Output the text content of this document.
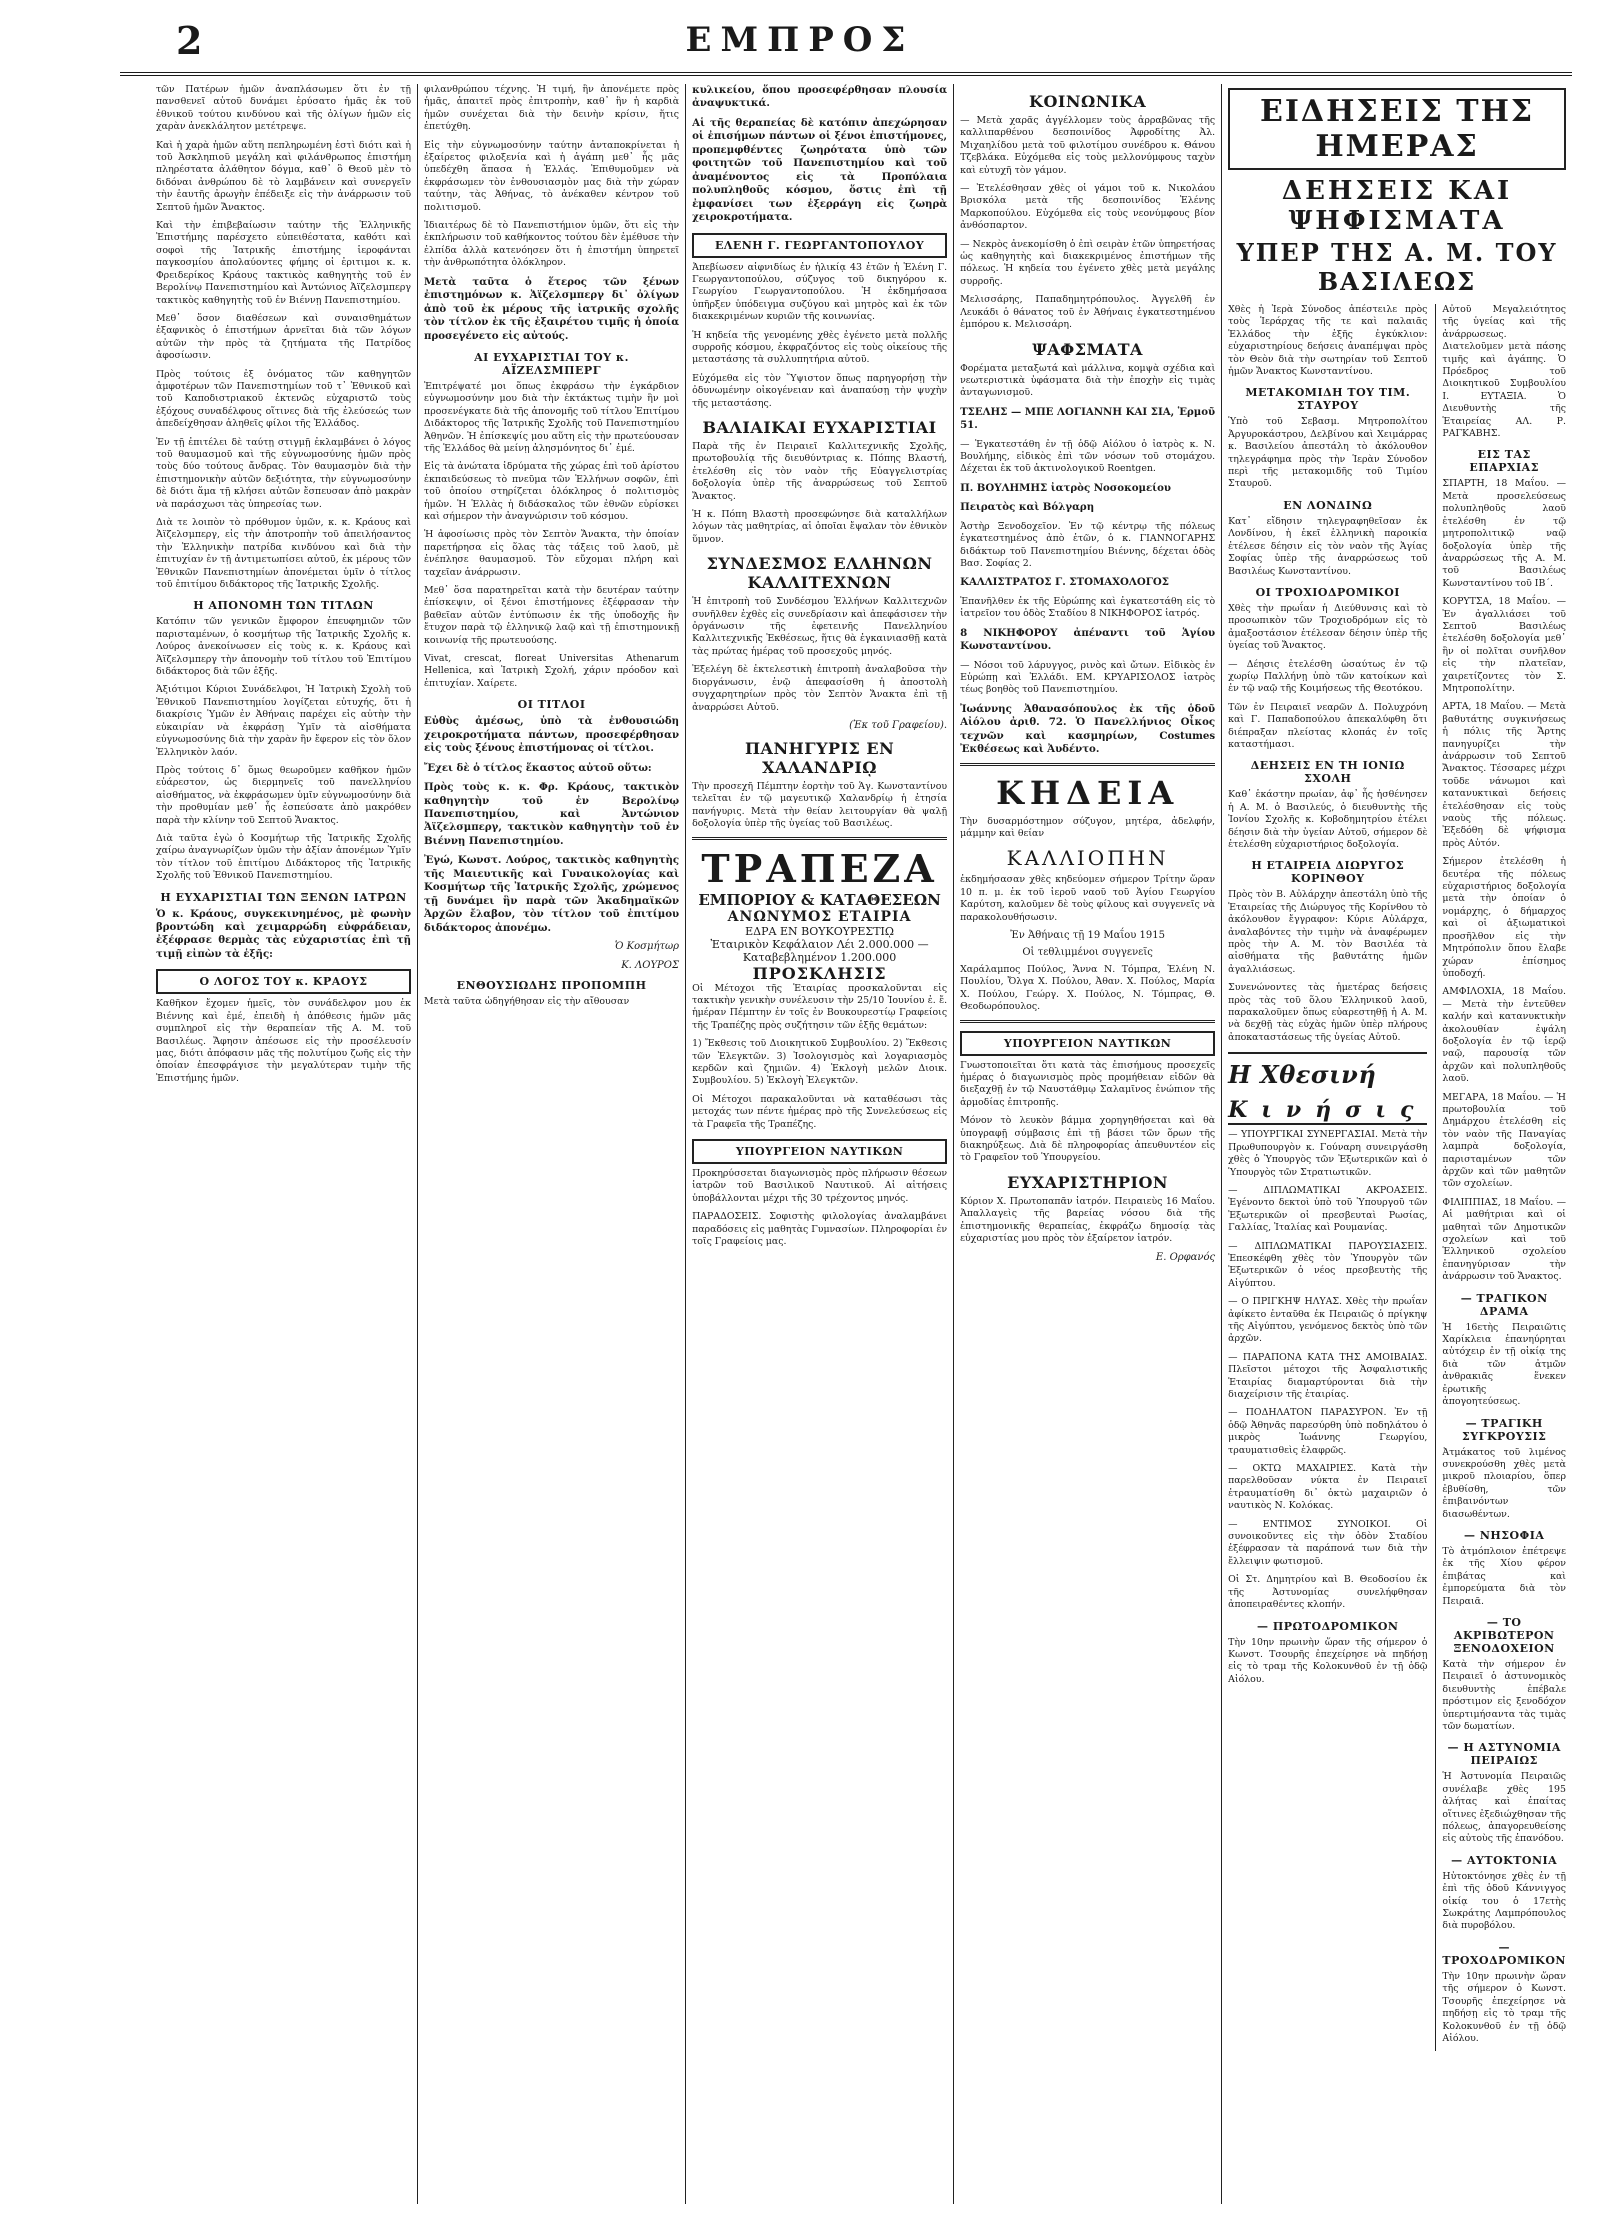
2	ΕΜΠΡΟΣ

τῶν Πατέρων ἡμῶν ἀναπλάσωμεν ὅτι ἐν τῇ πανσθενεῖ αὐτοῦ δυνάμει ἐρύσατο ἡμᾶς ἐκ τοῦ ἐθνικοῦ τούτου κινδύνου καὶ τῆς ὀλίγων ἡμῶν εἰς χαρὰν ἀνεκλάλητον μετέτρεψε.

Καὶ ἡ χαρὰ ἡμῶν αὕτη πεπληρωμένη ἐστὶ διότι καὶ ἡ τοῦ Ἀσκληπιοῦ μεγάλη καὶ φιλάνθρωπος ἐπιστήμη πληρέστατα ἀλάθητον δόγμα, καθ᾽ ὃ Θεοῦ μὲν τὸ διδόναι ἀνθρώπου δὲ τὸ λαμβάνειν καὶ συνεργεῖν τὴν ἑαυτῆς ἀρωγὴν ἐπέδειξε εἰς τὴν ἀνάρρωσιν τοῦ Σεπτοῦ ἡμῶν Ἄνακτος.

Καὶ τὴν ἐπιβεβαίωσιν ταύτην τῆς Ἑλληνικῆς Ἐπιστήμης παρέσχετο εὐπειθέστατα, καθότι καὶ σοφοὶ τῆς Ἰατρικῆς ἐπιστήμης ἱεροφάνται παγκοσμίου ἀπολαύοντες φήμης οἱ ἐριτιμοι κ. κ. Φρειδερίκος Κράους τακτικὸς καθηγητὴς τοῦ ἐν Βερολίνῳ Πανεπιστημίου καὶ Ἀντώνιος Ἀϊζελσμπεργ τακτικὸς καθηγητὴς τοῦ ἐν Βιέννῃ Πανεπιστημίου.

Μεθ᾽ ὅσον διαθέσεων καὶ συναισθημάτων ἐξαφνικὸς ὁ ἐπιστήμων ἀρνεῖται διὰ τῶν λόγων αὐτῶν τὴν πρὸς τὰ ζητήματα τῆς Πατρίδος ἀφοσίωσιν.

Πρὸς τούτοις ἐξ ὀνόματος τῶν καθηγητῶν ἀμφοτέρων τῶν Πανεπιστημίων τοῦ τ᾽ Ἐθνικοῦ καὶ τοῦ Καποδιστριακοῦ ἐκτενῶς εὐχαριστῶ τοὺς ἐξόχους συναδέλφους οἵτινες διὰ τῆς ἐλεύσεώς των ἀπεδείχθησαν ἀληθεῖς φίλοι τῆς Ἑλλάδος.

Ἐν τῇ ἐπιτέλει δὲ ταύτῃ στιγμῇ ἐκλαμβάνει ὁ λόγος τοῦ θαυμασμοῦ καὶ τῆς εὐγνωμοσύνης ἡμῶν πρὸς τοὺς δύο τούτους ἄνδρας. Τὸν θαυμασμὸν διὰ τὴν ἐπιστημονικὴν αὐτῶν δεξιότητα, τὴν εὐγνωμοσύνην δὲ διότι ἅμα τῇ κλήσει αὐτῶν ἔσπευσαν ἀπὸ μακρὰν νὰ παράσχωσι τὰς ὑπηρεσίας των.

Διὰ τε λοιπὸν τὸ πρόθυμον ὑμῶν, κ. κ. Κράους καὶ Ἀϊζελσμπεργ, εἰς τὴν ἀποτροπὴν τοῦ ἀπειλήσαντος τὴν Ἑλληνικὴν πατρίδα κινδύνου καὶ διὰ τὴν ἐπιτυχίαν ἐν τῇ ἀντιμετωπίσει αὐτοῦ, ἐκ μέρους τῶν Ἐθνικῶν Πανεπιστημίων ἀπονέμεται ὑμῖν ὁ τίτλος τοῦ ἐπιτίμου διδάκτορος τῆς Ἰατρικῆς Σχολῆς.

Η ΑΠΟΝΟΜΗ ΤΩΝ ΤΙΤΛΩΝ

Κατόπιν τῶν γενικῶν ἔμφορον ἐπευφημιῶν τῶν παρισταμένων, ὁ κοσμήτωρ τῆς Ἰατρικῆς Σχολῆς κ. Λούρος ἀνεκοίνωσεν εἰς τοὺς κ. κ. Κράους καὶ Ἀϊζελσμπεργ τὴν ἀπονομὴν τοῦ τίτλου τοῦ Ἐπιτίμου διδάκτορος διὰ τῶν ἑξῆς.

Ἀξιότιμοι Κύριοι Συνάδελφοι, Ἡ Ἰατρικὴ Σχολὴ τοῦ Ἐθνικοῦ Πανεπιστημίου λογίζεται εὐτυχής, ὅτι ἡ διακρίσις Ὑμῶν ἐν Ἀθήναις παρέχει εἰς αὐτὴν τὴν εὐκαιρίαν νὰ ἐκφράσῃ Ὑμῖν τὰ αἰσθήματα εὐγνωμοσύνης διὰ τὴν χαρὰν ἣν ἔφερον εἰς τὸν ὅλον Ἑλληνικὸν λαόν.

Πρὸς τούτοις δ᾽ ὅμως θεωροῦμεν καθῆκον ἡμῶν εὐάρεστον, ὡς διερμηνεῖς τοῦ πανελληνίου αἰσθήματος, νὰ ἐκφράσωμεν ὑμῖν εὐγνωμοσύνην διὰ τὴν προθυμίαν μεθ᾽ ἧς ἐσπεύσατε ἀπὸ μακρόθεν παρὰ τὴν κλίνην τοῦ Σεπτοῦ Ἄνακτος.

Διὰ ταῦτα ἐγὼ ὁ Κοσμήτωρ τῆς Ἰατρικῆς Σχολῆς χαίρω ἀναγνωρίζων ὑμῶν τὴν ἀξίαν ἀπονέμων Ὑμῖν τὸν τίτλον τοῦ ἐπιτίμου Διδάκτορος τῆς Ἰατρικῆς Σχολῆς τοῦ Ἐθνικοῦ Πανεπιστημίου.

Η ΕΥΧΑΡΙΣΤΙΑΙ ΤΩΝ ΞΕΝΩΝ ΙΑΤΡΩΝ

Ὁ κ. Κράους, συγκεκινημένος, μὲ φωνὴν βροντώδη καὶ χειμαρρώδη εὐφράδειαν, ἐξέφρασε θερμὰς τὰς εὐχαριστίας ἐπὶ τῇ τιμῇ εἰπὼν τὰ ἑξῆς:

Ο ΛΟΓΟΣ ΤΟΥ κ. ΚΡΑΟΥΣ

Καθῆκον ἔχομεν ἡμεῖς, τὸν συνάδελφον μου ἐκ Βιέννης καὶ ἐμέ, ἐπειδὴ ἡ ἀπόθεσις ἡμῶν μᾶς συμπληροῖ εἰς τὴν θεραπείαν τῆς Α. Μ. τοῦ Βασιλέως. Ἄφησιν ἀπέσωσε εἰς τὴν προσέλευσίν μας, διότι ἀπόφασιν μᾶς τῆς πολυτίμου ζωῆς εἰς τὴν ὁποίαν ἐπεσφράγισε τὴν μεγαλύτεραν τιμὴν τῆς Ἐπιστήμης ἡμῶν.

φιλανθρώπου τέχνης. Ἡ τιμή, ἣν ἀπονέμετε πρὸς ἡμᾶς, ἀπαιτεῖ πρὸς ἐπιτροπὴν, καθ᾽ ἣν ἡ καρδιὰ ἡμῶν συνέχεται διὰ τὴν δεινὴν κρίσιν, ἥτις ἐπετύχθη.

Εἰς τὴν εὐγνωμοσύνην ταύτην ἀνταποκρίνεται ἡ ἐξαίρετος φιλοξενία καὶ ἡ ἀγάπη μεθ᾽ ἧς μᾶς ὑπεδέχθη ἅπασα ἡ Ἑλλάς. Ἐπιθυμοῦμεν νὰ ἐκφράσωμεν τὸν ἐνθουσιασμὸν μας διὰ τὴν χώραν ταύτην, τὰς Ἀθήνας, τὸ ἀνέκαθεν κέντρον τοῦ πολιτισμοῦ.

Ἰδιαιτέρως δὲ τὸ Πανεπιστήμιον ὑμῶν, ὅτι εἰς τὴν ἐκπλήρωσιν τοῦ καθήκοντος τούτου δὲν ἐμέθυσε τὴν ἐλπίδα ἀλλὰ κατενόησεν ὅτι ἡ ἐπιστήμη ὑπηρετεῖ τὴν ἀνθρωπότητα ὁλόκληρον.

Μετὰ ταῦτα ὁ ἕτερος τῶν ξένων ἐπιστημόνων κ. Ἀϊζελσμπεργ δι᾽ ὀλίγων ἀπὸ τοῦ ἐκ μέρους τῆς ἰατρικῆς σχολῆς τὸν τίτλον ἐκ τῆς ἐξαιρέτου τιμῆς ἡ ὁποία προσεγένετο εἰς αὐτούς.

ΑΙ ΕΥΧΑΡΙΣΤΙΑΙ ΤΟΥ κ. ΑΪΖΕΛΣΜΠΕΡΓ

Ἐπιτρέψατέ μοι ὅπως ἐκφράσω τὴν ἐγκάρδιον εὐγνωμοσύνην μου διὰ τὴν ἐκτάκτως τιμὴν ἣν μοὶ προσενέγκατε διὰ τῆς ἀπονομῆς τοῦ τίτλου Ἐπιτίμου Διδάκτορος τῆς Ἰατρικῆς Σχολῆς τοῦ Πανεπιστημίου Ἀθηνῶν. Ἡ ἐπίσκεψίς μου αὕτη εἰς τὴν πρωτεύουσαν τῆς Ἑλλάδος θὰ μείνῃ ἀλησμόνητος δι᾽ ἐμέ.

Εἰς τὰ ἀνώτατα ἰδρύματα τῆς χώρας ἐπὶ τοῦ ἀρίστου ἐκπαιδεύσεως τὸ πνεῦμα τῶν Ἑλλήνων σοφῶν, ἐπὶ τοῦ ὁποίου στηρίζεται ὁλόκληρος ὁ πολιτισμὸς ἡμῶν. Ἡ Ἑλλὰς ἡ διδάσκαλος τῶν ἐθνῶν εὑρίσκει καὶ σήμερον τὴν ἀναγνώρισιν τοῦ κόσμου.

Ἡ ἀφοσίωσις πρὸς τὸν Σεπτὸν Ἄνακτα, τὴν ὁποίαν παρετήρησα εἰς ὅλας τὰς τάξεις τοῦ λαοῦ, μὲ ἐνέπλησε θαυμασμοῦ. Τὸν εὔχομαι πλήρη καὶ ταχεῖαν ἀνάρρωσιν.

Μεθ᾽ ὅσα παρατηρεῖται κατὰ τὴν δευτέραν ταύτην ἐπίσκεψιν, οἱ ξένοι ἐπιστήμονες ἐξέφρασαν τὴν βαθεῖαν αὐτῶν ἐντύπωσιν ἐκ τῆς ὑποδοχῆς ἣν ἔτυχον παρὰ τῷ ἑλληνικῷ λαῷ καὶ τῇ ἐπιστημονικῇ κοινωνίᾳ τῆς πρωτευούσης.

Vivat, crescat, floreat Universitas Athenarum Hellenica, καὶ Ἰατρικὴ Σχολή, χάριν πρόοδον καὶ ἐπιτυχίαν. Χαίρετε.

ΟΙ ΤΙΤΛΟΙ

Εὐθὺς ἀμέσως, ὑπὸ τὰ ἐνθουσιώδη χειροκροτήματα πάντων, προσεφέρθησαν εἰς τοὺς ξένους ἐπιστήμονας οἱ τίτλοι.

Ἔχει δὲ ὁ τίτλος ἕκαστος αὐτοῦ οὕτω:

Πρὸς τοὺς κ. κ. Φρ. Κράους, τακτικὸν καθηγητὴν τοῦ ἐν Βερολίνῳ Πανεπιστημίου, καὶ Ἀντώνιον Ἀϊζελσμπεργ, τακτικὸν καθηγητὴν τοῦ ἐν Βιέννῃ Πανεπιστημίου.

Ἐγώ, Κωνστ. Λούρος, τακτικὸς καθηγητὴς τῆς Μαιευτικῆς καὶ Γυναικολογίας καὶ Κοσμήτωρ τῆς Ἰατρικῆς Σχολῆς, χρώμενος τῇ δυνάμει ἣν παρὰ τῶν Ἀκαδημαϊκῶν Ἀρχῶν ἔλαβον, τὸν τίτλον τοῦ ἐπιτίμου διδάκτορος ἀπονέμω.

Ὁ Κοσμήτωρ
Κ. ΛΟΥΡΟΣ
ΕΝΘΟΥΣΙΩΔΗΣ ΠΡΟΠΟΜΠΗ

Μετὰ ταῦτα ὡδηγήθησαν εἰς τὴν αἴθουσαν

κυλικείου, ὅπου προσεφέρθησαν πλουσία ἀναψυκτικά.

Αἱ τῆς θεραπείας δὲ κατόπιν ἀπεχώρησαν οἱ ἐπισήμων πάντων οἱ ξένοι ἐπιστήμονες, προπεμφθέντες ζωηρότατα ὑπὸ τῶν φοιτητῶν τοῦ Πανεπιστημίου καὶ τοῦ ἀναμένοντος εἰς τὰ Προπύλαια πολυπληθοῦς κόσμου, ὅστις ἐπὶ τῇ ἐμφανίσει των ἐξερράγη εἰς ζωηρὰ χειροκροτήματα.

ΕΛΕΝΗ Γ. ΓΕΩΡΓΑΝΤΟΠΟΥΛΟΥ

Ἀπεβίωσεν αἰφνιδίως ἐν ἡλικίᾳ 43 ἐτῶν ἡ Ἑλένη Γ. Γεωργαντοπούλου, σύζυγος τοῦ δικηγόρου κ. Γεωργίου Γεωργαντοπούλου. Ἡ ἐκδημήσασα ὑπῆρξεν ὑπόδειγμα συζύγου καὶ μητρὸς καὶ ἐκ τῶν διακεκριμένων κυριῶν τῆς κοινωνίας.

Ἡ κηδεία τῆς γενομένης χθὲς ἐγένετο μετὰ πολλῆς συρροῆς κόσμου, ἐκφραζόντος εἰς τοὺς οἰκείους τῆς μεταστάσης τὰ συλλυπητήρια αὐτοῦ.

Εὐχόμεθα εἰς τὸν Ὕψιστον ὅπως παρηγορήσῃ τὴν ὀδυνωμένην οἰκογένειαν καὶ ἀναπαύσῃ τὴν ψυχὴν τῆς μεταστάσης.

ΒΑΛΙΑΙΚΑΙ ΕΥΧΑΡΙΣΤΙΑΙ

Παρὰ τῆς ἐν Πειραιεῖ Καλλιτεχνικῆς Σχολῆς, πρωτοβουλίᾳ τῆς διευθύντριας κ. Πόπης Βλαστή, ἐτελέσθη εἰς τὸν ναὸν τῆς Εὐαγγελιστρίας δοξολογία ὑπὲρ τῆς ἀναρρώσεως τοῦ Σεπτοῦ Ἄνακτος.

Ἡ κ. Πόπη Βλαστὴ προσεφώνησε διὰ καταλλήλων λόγων τὰς μαθητρίας, αἱ ὁποῖαι ἔψαλαν τὸν ἐθνικὸν ὕμνον.

ΣΥΝΔΕΣΜΟΣ ΕΛΛΗΝΩΝ ΚΑΛΛΙΤΕΧΝΩΝ

Ἡ ἐπιτροπὴ τοῦ Συνδέσμου Ἑλλήνων Καλλιτεχνῶν συνῆλθεν ἐχθὲς εἰς συνεδρίασιν καὶ ἀπεφάσισεν τὴν ὀργάνωσιν τῆς ἐφετεινῆς Πανελληνίου Καλλιτεχνικῆς Ἐκθέσεως, ἥτις θὰ ἐγκαινιασθῇ κατὰ τὰς πρώτας ἡμέρας τοῦ προσεχοῦς μηνός.

Ἐξελέγη δὲ ἐκτελεστικὴ ἐπιτροπὴ ἀναλαβοῦσα τὴν διοργάνωσιν, ἐνῷ ἀπεφασίσθη ἡ ἀποστολὴ συγχαρητηρίων πρὸς τὸν Σεπτὸν Ἄνακτα ἐπὶ τῇ ἀναρρώσει Αὐτοῦ.

(Ἐκ τοῦ Γραφείου).
ΠΑΝΗΓΥΡΙΣ ΕΝ ΧΑΛΑΝΔΡΙῼ

Τὴν προσεχῆ Πέμπτην ἑορτὴν τοῦ Ἁγ. Κωνσταντίνου τελεῖται ἐν τῷ μαγευτικῷ Χαλανδρίῳ ἡ ἐτησία πανήγυρις. Μετὰ τὴν θείαν λειτουργίαν θὰ ψαλῇ δοξολογία ὑπὲρ τῆς ὑγείας τοῦ Βασιλέως.

ΤΡΑΠΕΖΑ
ΕΜΠΟΡΙΟΥ & ΚΑΤΑΘΕΣΕΩΝ
ΑΝΩΝΥΜΟΣ ΕΤΑΙΡΙΑ
ΕΔΡΑ ΕΝ ΒΟΥΚΟΥΡΕΣΤΙῼ
Ἐταιρικὸν Κεφάλαιον Λέι 2.000.000 — Καταβεβλημένον 1.200.000
ΠΡΟΣΚΛΗΣΙΣ

Οἱ Μέτοχοι τῆς Ἑταιρίας προσκαλοῦνται εἰς τακτικὴν γενικὴν συνέλευσιν τὴν 25/10 Ἰουνίου ἐ. ἔ. ἡμέραν Πέμπτην ἐν τοῖς ἐν Βουκουρεστίῳ Γραφείοις τῆς Τραπέζης πρὸς συζήτησιν τῶν ἑξῆς θεμάτων:

1) Ἔκθεσις τοῦ Διοικητικοῦ Συμβουλίου. 2) Ἔκθεσις τῶν Ἐλεγκτῶν. 3) Ἰσολογισμὸς καὶ λογαριασμὸς κερδῶν καὶ ζημιῶν. 4) Ἐκλογὴ μελῶν Διοικ. Συμβουλίου. 5) Ἐκλογὴ Ἐλεγκτῶν.

Οἱ Μέτοχοι παρακαλοῦνται νὰ καταθέσωσι τὰς μετοχάς των πέντε ἡμέρας πρὸ τῆς Συνελεύσεως εἰς τὰ Γραφεῖα τῆς Τραπέζης.

ΥΠΟΥΡΓΕΙΟΝ ΝΑΥΤΙΚΩΝ

Προκηρύσσεται διαγωνισμὸς πρὸς πλήρωσιν θέσεων ἰατρῶν τοῦ Βασιλικοῦ Ναυτικοῦ. Αἱ αἰτήσεις ὑποβάλλονται μέχρι τῆς 30 τρέχοντος μηνός.

ΠΑΡΑΔΟΣΕΙΣ. Σοφιστὴς φιλολογίας ἀναλαμβάνει παραδόσεις εἰς μαθητὰς Γυμνασίων. Πληροφορίαι ἐν τοῖς Γραφείοις μας.

ΚΟΙΝΩΝΙΚΑ

— Μετὰ χαρᾶς ἀγγέλλομεν τοὺς ἀρραβῶνας τῆς καλλιπαρθένου δεσποινίδος Ἀφροδίτης Ἀλ. Μιχαηλίδου μετὰ τοῦ φιλοτίμου συνέδρου κ. Θάνου Τζεβλάκα. Εὐχόμεθα εἰς τοὺς μελλονύμφους ταχὺν καὶ εὐτυχῆ τὸν γάμον.

— Ἐτελέσθησαν χθὲς οἱ γάμοι τοῦ κ. Νικολάου Βρισκόλα μετὰ τῆς δεσποινίδος Ἑλένης Μαρκοπούλου. Εὐχόμεθα εἰς τοὺς νεονύμφους βίον ἀνθόσπαρτον.

— Νεκρὸς ἀνεκομίσθη ὁ ἐπὶ σειρὰν ἐτῶν ὑπηρετήσας ὡς καθηγητὴς καὶ διακεκριμένος ἐπιστήμων τῆς πόλεως. Ἡ κηδεία του ἐγένετο χθὲς μετὰ μεγάλης συρροῆς.

Μελισσάρης, Παπαδημητρόπουλος. Ἀγγελθῆ ἐν Λευκάδι ὁ θάνατος τοῦ ἐν Ἀθήναις ἐγκατεστημένου ἐμπόρου κ. Μελισσάρη.

ΨΑΦΣΜΑΤΑ

Φορέματα μεταξωτά καὶ μάλλινα, κομψὰ σχέδια καὶ νεωτεριστικὰ ὑφάσματα διὰ τὴν ἐποχὴν εἰς τιμὰς ἀνταγωνισμοῦ.

ΤΣΕΛΗΣ — ΜΠΕ ΛΟΓΙΑΝΝΗ ΚΑΙ ΣΙΑ, Ἑρμοῦ 51.

— Ἐγκατεστάθη ἐν τῇ ὁδῷ Αἰόλου ὁ ἰατρὸς κ. Ν. Βουλήμης, εἰδικὸς ἐπὶ τῶν νόσων τοῦ στομάχου. Δέχεται ἐκ τοῦ ἀκτινολογικοῦ Roentgen.

Π. ΒΟΥΛΗΜΗΣ ἰατρὸς Νοσοκομείου

Πειρατὸς καὶ Βόλγαρη

Ἀστὴρ Ξενοδοχεῖον. Ἐν τῷ κέντρῳ τῆς πόλεως ἐγκατεστημένος ἀπὸ ἐτῶν, ὁ κ. ΓΙΑΝΝΟΓΑΡΗΣ διδάκτωρ τοῦ Πανεπιστημίου Βιέννης, δέχεται ὁδὸς Βασ. Σοφίας 2.

ΚΑΛΛΙΣΤΡΑΤΟΣ Γ. ΣΤΟΜΑΧΟΛΟΓΟΣ

Ἐπανῆλθεν ἐκ τῆς Εὐρώπης καὶ ἐγκατεστάθη εἰς τὸ ἰατρεῖον του ὁδὸς Σταδίου 8 ΝΙΚΗΦΟΡΟΣ ἰατρός.

8 ΝΙΚΗΦΟΡΟΥ ἀπέναντι τοῦ Ἁγίου Κωνσταντίνου.

— Νόσοι τοῦ λάρυγγος, ρινὸς καὶ ὤτων. Εἰδικὸς ἐν Εὐρώπῃ καὶ Ἑλλάδι. ΕΜ. ΚΡΥΑΡΙΣΟΛΟΣ ἰατρὸς τέως βοηθὸς τοῦ Πανεπιστημίου.

Ἰωάννης Ἀθανασόπουλος ἐκ τῆς ὁδοῦ Αἰόλου ἀριθ. 72. Ὁ Πανελλήνιος Οἶκος τεχνῶν καὶ κασμηρίων, Costumes Ἐκθέσεως καὶ Ἀυδέντο.

ΚΗΔΕΙΑ

Τὴν δυσαρμόστημον σύζυγον, μητέρα, ἀδελφήν, μάμμην καὶ θείαν

ΚΑΛΛΙΟΠΗΝ

ἐκδημήσασαν χθὲς κηδεύομεν σήμερον Τρίτην ὥραν 10 π. μ. ἐκ τοῦ ἱεροῦ ναοῦ τοῦ Ἁγίου Γεωργίου Καρύτση, καλοῦμεν δὲ τοὺς φίλους καὶ συγγενεῖς νὰ παρακολουθήσωσιν.

Ἐν Ἀθήναις τῇ 19 Μαΐου 1915
Οἱ τεθλιμμένοι συγγενεῖς

Χαράλαμπος Πούλος, Ἄννα Ν. Τόμπρα, Ἑλένη Ν. Πουλίου, Ὄλγα Χ. Πούλου, Ἀθαν. Χ. Πούλος, Μαρία Χ. Πούλου, Γεώργ. Χ. Πούλος, Ν. Τόμπρας, Θ. Θεοδωρόπουλος.

ΥΠΟΥΡΓΕΙΟΝ ΝΑΥΤΙΚΩΝ

Γνωστοποιεῖται ὅτι κατὰ τὰς ἐπισήμους προσεχεῖς ἡμέρας ὁ διαγωνισμὸς πρὸς προμήθειαν εἰδῶν θὰ διεξαχθῇ ἐν τῷ Ναυστάθμῳ Σαλαμῖνος ἐνώπιον τῆς ἁρμοδίας ἐπιτροπῆς.

Μόνον τὸ λευκὸν βάμμα χορηγηθήσεται καὶ θὰ ὑπογραφῇ σύμβασις ἐπὶ τῇ βάσει τῶν ὅρων τῆς διακηρύξεως. Διὰ δὲ πληροφορίας ἀπευθυντέον εἰς τὸ Γραφεῖον τοῦ Ὑπουργείου.

ΕΥΧΑΡΙΣΤΗΡΙΟΝ

Κύριον Χ. Πρωτοπαπᾶν ἰατρόν. Πειραιεὺς 16 Μαΐου. Ἀπαλλαγεὶς τῆς βαρείας νόσου διὰ τῆς ἐπιστημονικῆς θεραπείας, ἐκφράζω δημοσίᾳ τὰς εὐχαριστίας μου πρὸς τὸν ἐξαίρετον ἰατρόν.

Ε. Ορφανός
ΕΙΔΗΣΕΙΣ ΤΗΣ ΗΜΕΡΑΣ
ΔΕΗΣΕΙΣ ΚΑΙ ΨΗΦΙΣΜΑΤΑ
ΥΠΕΡ ΤΗΣ Α. Μ. ΤΟΥ ΒΑΣΙΛΕΩΣ

Χθὲς ἡ Ἱερὰ Σύνοδος ἀπέστειλε πρὸς τοὺς Ἱεράρχας τῆς τε καὶ παλαιᾶς Ἑλλάδος τὴν ἑξῆς ἐγκύκλιον: εὐχαριστηρίους δεήσεις ἀναπέμψαι πρὸς τὸν Θεὸν διὰ τὴν σωτηρίαν τοῦ Σεπτοῦ ἡμῶν Ἄνακτος Κωνσταντίνου.

ΜΕΤΑΚΟΜΙΔΗ ΤΟΥ ΤΙΜ. ΣΤΑΥΡΟΥ

Ὑπὸ τοῦ Σεβασμ. Μητροπολίτου Ἀργυροκάστρου, Δελβίνου καὶ Χειμάρρας κ. Βασιλείου ἀπεστάλη τὸ ἀκόλουθον τηλεγράφημα πρὸς τὴν Ἱερὰν Σύνοδον περὶ τῆς μετακομιδῆς τοῦ Τιμίου Σταυροῦ.

ΕΝ ΛΟΝΔΙΝΩ

Κατ᾽ εἴδησιν τηλεγραφηθεῖσαν ἐκ Λονδίνου, ἡ ἐκεῖ ἑλληνικὴ παροικία ἐτέλεσε δέησιν εἰς τὸν ναὸν τῆς Ἁγίας Σοφίας ὑπὲρ τῆς ἀναρρώσεως τοῦ Βασιλέως Κωνσταντίνου.

ΟΙ ΤΡΟΧΙΟΔΡΟΜΙΚΟΙ

Χθὲς τὴν πρωΐαν ἡ Διεύθυνσις καὶ τὸ προσωπικὸν τῶν Τροχιοδρόμων εἰς τὸ ἀμαξοστάσιον ἐτέλεσαν δέησιν ὑπὲρ τῆς ὑγείας τοῦ Ἄνακτος.

— Δέησις ἐτελέσθη ὡσαύτως ἐν τῷ χωρίῳ Παλλήνῃ ὑπὸ τῶν κατοίκων καὶ ἐν τῷ ναῷ τῆς Κοιμήσεως τῆς Θεοτόκου.

Τῶν ἐν Πειραιεῖ νεαρῶν Δ. Πολυχρόνη καὶ Γ. Παπαδοπούλου ἀπεκαλύφθη ὅτι διέπραξαν πλείστας κλοπάς ἐν τοῖς καταστήμασι.

ΔΕΗΣΕΙΣ ΕΝ ΤΗ ΙΟΝΙΩ ΣΧΟΛΗ

Καθ᾽ ἑκάστην πρωίαν, ἀφ᾽ ἧς ἠσθένησεν ἡ Α. Μ. ὁ Βασιλεύς, ὁ διευθυντὴς τῆς Ἰονίου Σχολῆς κ. Κοβοδημητρίου ἐτέλει δέησιν διὰ τὴν ὑγείαν Αὐτοῦ, σήμερον δὲ ἐτελέσθη εὐχαριστήριος δοξολογία.

Η ΕΤΑΙΡΕΙΑ ΔΙΩΡΥΓΟΣ ΚΟΡΙΝΘΟΥ

Πρὸς τὸν Β. Αὐλάρχην ἀπεστάλη ὑπὸ τῆς Ἑταιρείας τῆς Διώρυγος τῆς Κορίνθου τὸ ἀκόλουθον ἔγγραφον: Κύριε Αὐλάρχα, ἀναλαβόντες τὴν τιμὴν νὰ ἀναφέρωμεν πρὸς τὴν Α. Μ. τὸν Βασιλέα τὰ αἰσθήματα τῆς βαθυτάτης ἡμῶν ἀγαλλιάσεως.

Συνενώνοντες τὰς ἡμετέρας δεήσεις πρὸς τὰς τοῦ ὅλου Ἑλληνικοῦ λαοῦ, παρακαλοῦμεν ὅπως εὐαρεστηθῇ ἡ Α. Μ. νὰ δεχθῇ τὰς εὐχὰς ἡμῶν ὑπὲρ πλήρους ἀποκαταστάσεως τῆς ὑγείας Αὐτοῦ.

Η Χθεσινή
Κινήσις

— ΥΠΟΥΡΓΙΚΑΙ ΣΥΝΕΡΓΑΣΙΑΙ. Μετὰ τὴν Πρωθυπουργὸν κ. Γούναρη συνειργάσθη χθὲς ὁ Ὑπουργὸς τῶν Ἐξωτερικῶν καὶ ὁ Ὑπουργὸς τῶν Στρατιωτικῶν.

— ΔΙΠΛΩΜΑΤΙΚΑΙ ΑΚΡΟΑΣΕΙΣ. Ἐγένοντο δεκτοὶ ὑπὸ τοῦ Ὑπουργοῦ τῶν Ἐξωτερικῶν οἱ πρεσβευταὶ Ρωσίας, Γαλλίας, Ἰταλίας καὶ Ρουμανίας.

— ΔΙΠΛΩΜΑΤΙΚΑΙ ΠΑΡΟΥΣΙΑΣΕΙΣ. Ἐπεσκέφθη χθὲς τὸν Ὑπουργὸν τῶν Ἐξωτερικῶν ὁ νέος πρεσβευτὴς τῆς Αἰγύπτου.

— Ο ΠΡΙΓΚΗΨ ΗΛΥΑΣ. Χθὲς τὴν πρωΐαν ἀφίκετο ἐνταῦθα ἐκ Πειραιῶς ὁ πρίγκηψ τῆς Αἰγύπτου, γενόμενος δεκτὸς ὑπὸ τῶν ἀρχῶν.

— ΠΑΡΑΠΟΝΑ ΚΑΤΑ ΤΗΣ ΑΜΟΙΒΑΙΑΣ. Πλεῖστοι μέτοχοι τῆς Ἀσφαλιστικῆς Ἑταιρίας διαμαρτύρονται διὰ τὴν διαχείρισιν τῆς ἑταιρίας.

— ΠΟΔΗΛΑΤΟΝ ΠΑΡΑΣΥΡΟΝ. Ἐν τῇ ὁδῷ Ἀθηνᾶς παρεσύρθη ὑπὸ ποδηλάτου ὁ μικρὸς Ἰωάννης Γεωργίου, τραυματισθεὶς ἐλαφρῶς.

— ΟΚΤΩ ΜΑΧΑΙΡΙΕΣ. Κατὰ τὴν παρελθοῦσαν νύκτα ἐν Πειραιεῖ ἐτραυματίσθη δι᾽ ὀκτὼ μαχαιριῶν ὁ ναυτικὸς Ν. Κολόκας.

— ΕΝΤΙΜΟΣ ΣΥΝΟΙΚΟΙ. Οἱ συνοικοῦντες εἰς τὴν ὁδὸν Σταδίου ἐξέφρασαν τὰ παράπονά των διὰ τὴν ἔλλειψιν φωτισμοῦ.

Οἱ Στ. Δημητρίου καὶ Β. Θεοδοσίου ἐκ τῆς Ἀστυνομίας συνελήφθησαν ἀποπειραθέντες κλοπήν.

— ΠΡΩΤΟΔΡΟΜΙΚΟΝ

Τὴν 10ην πρωινὴν ὥραν τῆς σήμερον ὁ Κωνστ. Τσουρῆς ἐπεχείρησε νὰ πηδήσῃ εἰς τὸ τραμ τῆς Κολοκυνθοῦ ἐν τῇ ὁδῷ Αἰόλου.

Αὐτοῦ Μεγαλειότητος τῆς ὑγείας καὶ τῆς ἀνάρρωσεως. Διατελοῦμεν μετὰ πάσης τιμῆς καὶ ἀγάπης. Ὁ Πρόεδρος τοῦ Διοικητικοῦ Συμβουλίου Ι. ΕΥΤΑΞΙΑ. Ὁ Διευθυντὴς τῆς Ἑταιρείας ΑΛ. Ρ. ΡΑΓΚΑΒΗΣ.

ΕΙΣ ΤΑΣ ΕΠΑΡΧΙΑΣ

ΣΠΑΡΤΗ, 18 Μαΐου. — Μετὰ προσελεύσεως πολυπληθοῦς λαοῦ ἐτελέσθη ἐν τῷ μητροπολιτικῷ ναῷ δοξολογία ὑπὲρ τῆς ἀναρρώσεως τῆς Α. Μ. τοῦ Βασιλέως Κωνσταντίνου τοῦ ΙΒ´.

ΚΟΡΥΤΣΑ, 18 Μαΐου. — Ἐν ἀγαλλιάσει τοῦ Σεπτοῦ Βασιλέως ἐτελέσθη δοξολογία μεθ᾽ ἣν οἱ πολῖται συνῆλθον εἰς τὴν πλατεῖαν, χαιρετίζοντες τὸν Σ. Μητροπολίτην.

ΑΡΤΑ, 18 Μαΐου. — Μετὰ βαθυτάτης συγκινήσεως ἡ πόλις τῆς Ἄρτης πανηγυρίζει τὴν ἀνάρρωσιν τοῦ Σεπτοῦ Ἄνακτος. Τέσσαρες μέχρι τοῦδε νάνωμοι καὶ κατανυκτικαὶ δεήσεις ἐτελέσθησαν εἰς τοὺς ναοὺς τῆς πόλεως. Ἐξεδόθη δὲ ψήφισμα πρὸς Αὐτόν.

Σήμερον ἐτελέσθη ἡ δευτέρα τῆς πόλεως εὐχαριστήριος δοξολογία μετὰ τὴν ὁποίαν ὁ νομάρχης, ὁ δήμαρχος καὶ οἱ ἀξιωματικοὶ προσῆλθον εἰς τὴν Μητρόπολιν ὅπου ἔλαβε χώραν ἐπίσημος ὑποδοχή.

ΑΜΦΙΛΟΧΙΑ, 18 Μαΐου. — Μετὰ τὴν ἐντεῦθεν καλήν καὶ κατανυκτικὴν ἀκολουθίαν ἐψάλη δοξολογία ἐν τῷ ἱερῷ ναῷ, παρουσίᾳ τῶν ἀρχῶν καὶ πολυπληθοῦς λαοῦ.

ΜΕΓΑΡΑ, 18 Μαΐου. — Ἡ πρωτοβουλία τοῦ Δημάρχου ἐτελέσθη εἰς τὸν ναὸν τῆς Παναγίας λαμπρὰ δοξολογία, παρισταμένων τῶν ἀρχῶν καὶ τῶν μαθητῶν τῶν σχολείων.

ΦΙΛΙΠΠΙΑΣ, 18 Μαΐου. — Αἱ μαθήτριαι καὶ οἱ μαθηταὶ τῶν Δημοτικῶν σχολείων καὶ τοῦ Ἑλληνικοῦ σχολείου ἐπανηγύρισαν τὴν ἀνάρρωσιν τοῦ Ἄνακτος.

— ΤΡΑΓΙΚΟΝ ΔΡΑΜΑ

Ἡ 16ετὴς Πειραιῶτις Χαρίκλεια ἐπανηύρηται αὐτόχειρ ἐν τῇ οἰκίᾳ της διὰ τῶν ἀτμῶν ἀνθρακιᾶς ἕνεκεν ἐρωτικῆς ἀπογοητεύσεως.

— ΤΡΑΓΙΚΗ ΣΥΓΚΡΟΥΣΙΣ

Ἀτμάκατος τοῦ λιμένος συνεκρούσθη χθὲς μετὰ μικροῦ πλοιαρίου, ὅπερ ἐβυθίσθη, τῶν ἐπιβαινόντων διασωθέντων.

— ΝΗΣΟΦΙΑ

Τὸ ἀτμόπλοιον ἐπέτρεψε ἐκ τῆς Χίου φέρον ἐπιβάτας καὶ ἐμπορεύματα διὰ τὸν Πειραιᾶ.

— ΤΟ ΑΚΡΙΒΩΤΕΡΟΝ ΞΕΝΟΔΟΧΕΙΟΝ

Κατὰ τὴν σήμερον ἐν Πειραιεῖ ὁ ἀστυνομικὸς διευθυντὴς ἐπέβαλε πρόστιμον εἰς ξενοδόχον ὑπερτιμήσαντα τὰς τιμὰς τῶν δωματίων.

— Η ΑΣΤΥΝΟΜΙΑ ΠΕΙΡΑΙΩΣ

Ἡ Ἀστυνομία Πειραιῶς συνέλαβε χθὲς 195 ἀλήτας καὶ ἐπαίτας οἵτινες ἐξεδιώχθησαν τῆς πόλεως, ἀπαγορευθείσης εἰς αὐτοὺς τῆς ἐπανόδου.

— ΑΥΤΟΚΤΟΝΙΑ

Ηὐτοκτόνησε χθὲς ἐν τῇ ἐπὶ τῆς ὁδοῦ Κάννιγγος οἰκίᾳ του ὁ 17ετὴς Σωκράτης Λαμπρόπουλος διὰ πυροβόλου.

— ΤΡΟΧΟΔΡΟΜΙΚΟΝ

Τὴν 10ην πρωινὴν ὥραν τῆς σήμερον ὁ Κωνστ. Τσουρῆς ἐπεχείρησε νὰ πηδήσῃ εἰς τὸ τραμ τῆς Κολοκυνθοῦ ἐν τῇ ὁδῷ Αἰόλου.
